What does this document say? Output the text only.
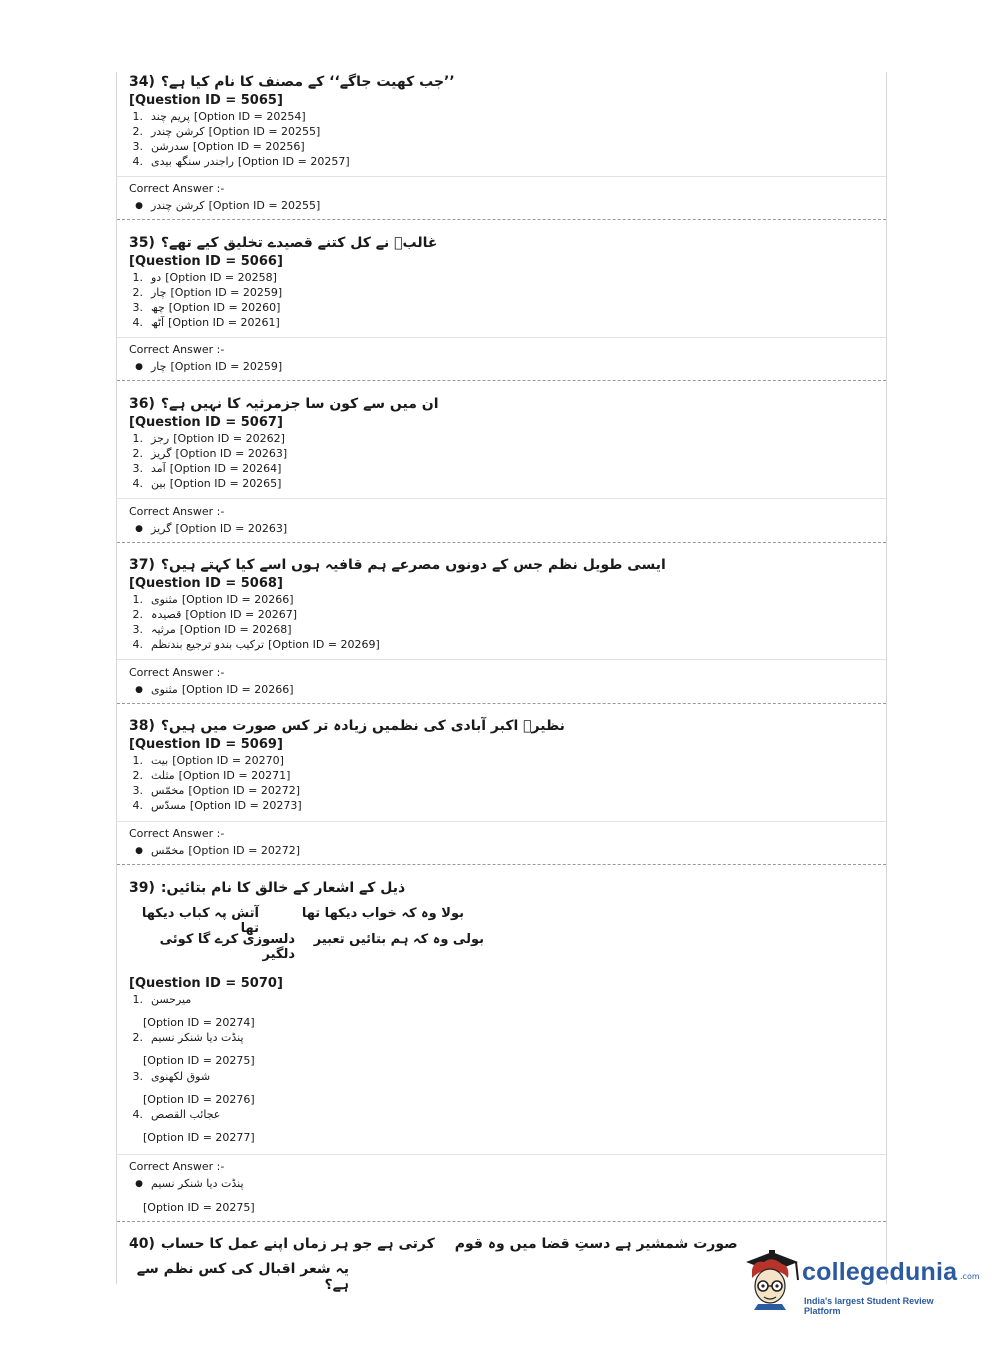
34) ’’جب کھیت جاگے‘‘ کے مصنف کا نام کیا ہے؟
[Question ID = 5065]
1. پریم چند [Option ID = 20254]
2. کرشن چندر [Option ID = 20255]
3. سدرشن [Option ID = 20256]
4. راجندر سنگھ بیدی [Option ID = 20257]
Correct Answer :-
● کرشن چندر [Option ID = 20255]
35) غالبؔ نے کل کتنے قصیدے تخلیق کیے تھے؟
[Question ID = 5066]
1. دو [Option ID = 20258]
2. چار [Option ID = 20259]
3. چھ [Option ID = 20260]
4. آٹھ [Option ID = 20261]
Correct Answer :-
● چار [Option ID = 20259]
36) ان میں سے کون سا جزمرثیہ کا نہیں ہے؟
[Question ID = 5067]
1. رجز [Option ID = 20262]
2. گریز [Option ID = 20263]
3. آمد [Option ID = 20264]
4. بین [Option ID = 20265]
Correct Answer :-
● گریز [Option ID = 20263]
37) ایسی طویل نظم جس کے دونوں مصرعے ہم قافیہ ہوں اسے کیا کہتے ہیں؟
[Question ID = 5068]
1. مثنوی [Option ID = 20266]
2. قصیدہ [Option ID = 20267]
3. مرثیہ [Option ID = 20268]
4. ترکیب بندو ترجیع بندنظم [Option ID = 20269]
Correct Answer :-
● مثنوی [Option ID = 20266]
38) نظیرؔ اکبر آبادی کی نظمیں زیادہ تر کس صورت میں ہیں؟
[Question ID = 5069]
1. بیت [Option ID = 20270]
2. مثلث [Option ID = 20271]
3. مخمّس [Option ID = 20272]
4. مسدّس [Option ID = 20273]
Correct Answer :-
● مخمّس [Option ID = 20272]
39) ذیل کے اشعار کے خالق کا نام بتائیں:
بولا وہ کہ خواب دیکھا تھا
آتش پہ کباب دیکھا تھا
بولی وہ کہ ہم بتائیں تعبیر
دلسوزی کرے گا کوئی دلگیر
[Question ID = 5070]
1. میرحسن
[Option ID = 20274]
2. پنڈت دیا شنکر نسیم
[Option ID = 20275]
3. شوق لکھنوی
[Option ID = 20276]
4. عجائب القصص
[Option ID = 20277]
Correct Answer :-
● پنڈت دیا شنکر نسیم
[Option ID = 20275]
40) کرتی ہے جو ہر زماں اپنے عمل کا حساب صورت شمشیر ہے دستِ قضا میں وہ قوم
یہ شعر اقبال کی کس نظم سے ہے؟	collegedunia .com
India's largest Student Review Platform
